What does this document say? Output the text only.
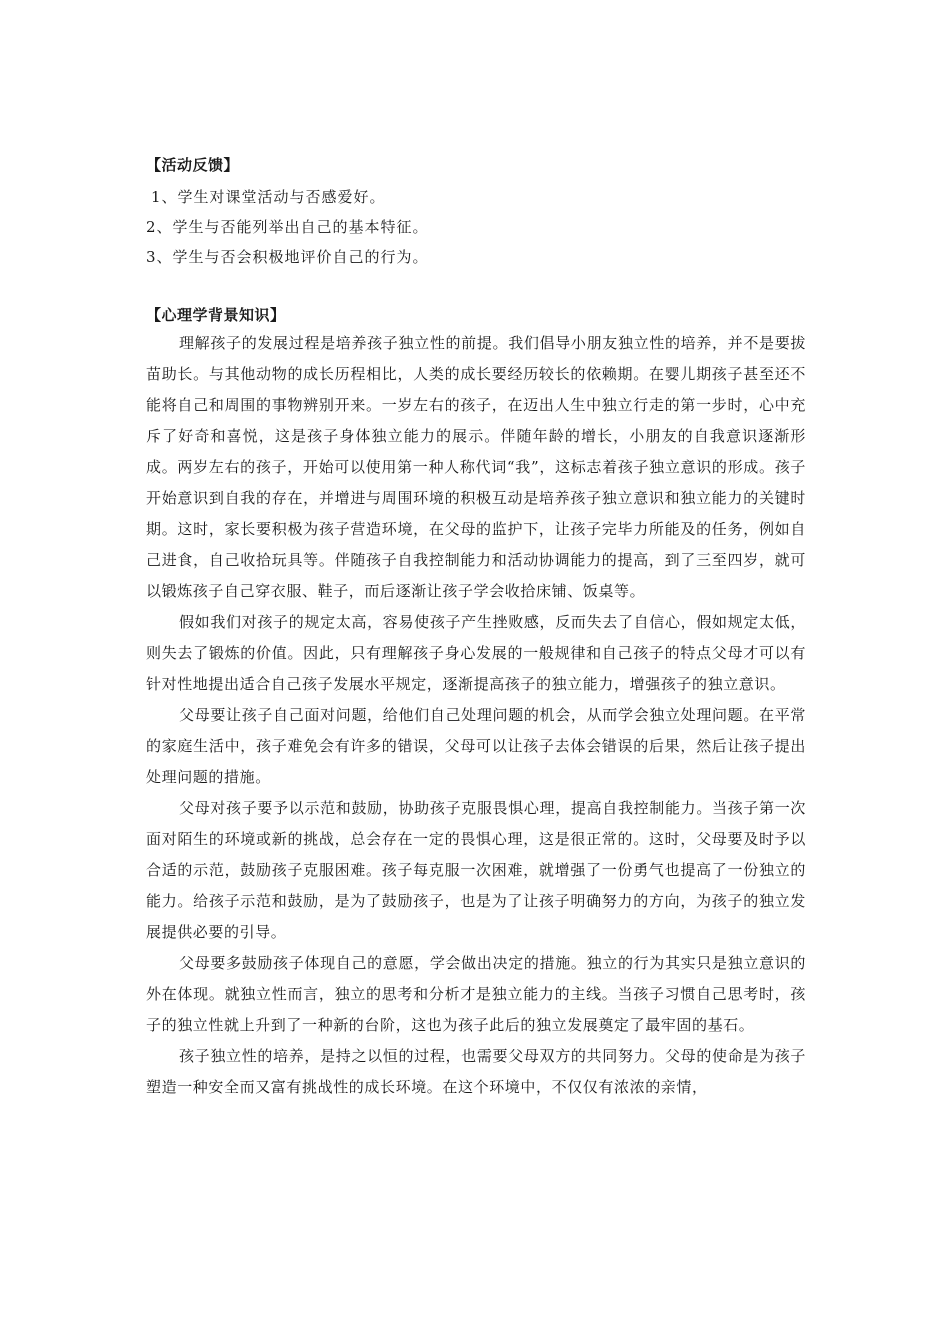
【活动反馈】
1、学生对课堂活动与否感爱好。
2、学生与否能列举出自己的基本特征。
3、学生与否会积极地评价自己的行为。
【心理学背景知识】

理解孩子的发展过程是培养孩子独立性的前提。我们倡导小朋友独立性的培养，并不是要拔苗助长。与其他动物的成长历程相比，人类的成长要经历较长的依赖期。在婴儿期孩子甚至还不能将自己和周围的事物辨别开来。一岁左右的孩子，在迈出人生中独立行走的第一步时，心中充斥了好奇和喜悦，这是孩子身体独立能力的展示。伴随年龄的增长，小朋友的自我意识逐渐形成。两岁左右的孩子，开始可以使用第一种人称代词“我”，这标志着孩子独立意识的形成。孩子开始意识到自我的存在，并增进与周围环境的积极互动是培养孩子独立意识和独立能力的关键时期。这时，家长要积极为孩子营造环境，在父母的监护下，让孩子完毕力所能及的任务，例如自己进食，自己收拾玩具等。伴随孩子自我控制能力和活动协调能力的提高，到了三至四岁，就可以锻炼孩子自己穿衣服、鞋子，而后逐渐让孩子学会收拾床铺、饭桌等。

假如我们对孩子的规定太高，容易使孩子产生挫败感，反而失去了自信心，假如规定太低，则失去了锻炼的价值。因此，只有理解孩子身心发展的一般规律和自己孩子的特点父母才可以有针对性地提出适合自己孩子发展水平规定，逐渐提高孩子的独立能力，增强孩子的独立意识。

父母要让孩子自己面对问题，给他们自己处理问题的机会，从而学会独立处理问题。在平常的家庭生活中，孩子难免会有许多的错误，父母可以让孩子去体会错误的后果，然后让孩子提出处理问题的措施。

父母对孩子要予以示范和鼓励，协助孩子克服畏惧心理，提高自我控制能力。当孩子第一次面对陌生的环境或新的挑战，总会存在一定的畏惧心理，这是很正常的。这时，父母要及时予以合适的示范，鼓励孩子克服困难。孩子每克服一次困难，就增强了一份勇气也提高了一份独立的能力。给孩子示范和鼓励，是为了鼓励孩子，也是为了让孩子明确努力的方向，为孩子的独立发展提供必要的引导。

父母要多鼓励孩子体现自己的意愿，学会做出决定的措施。独立的行为其实只是独立意识的外在体现。就独立性而言，独立的思考和分析才是独立能力的主线。当孩子习惯自己思考时，孩子的独立性就上升到了一种新的台阶，这也为孩子此后的独立发展奠定了最牢固的基石。

孩子独立性的培养，是持之以恒的过程，也需要父母双方的共同努力。父母的使命是为孩子塑造一种安全而又富有挑战性的成长环境。在这个环境中，不仅仅有浓浓的亲情，
